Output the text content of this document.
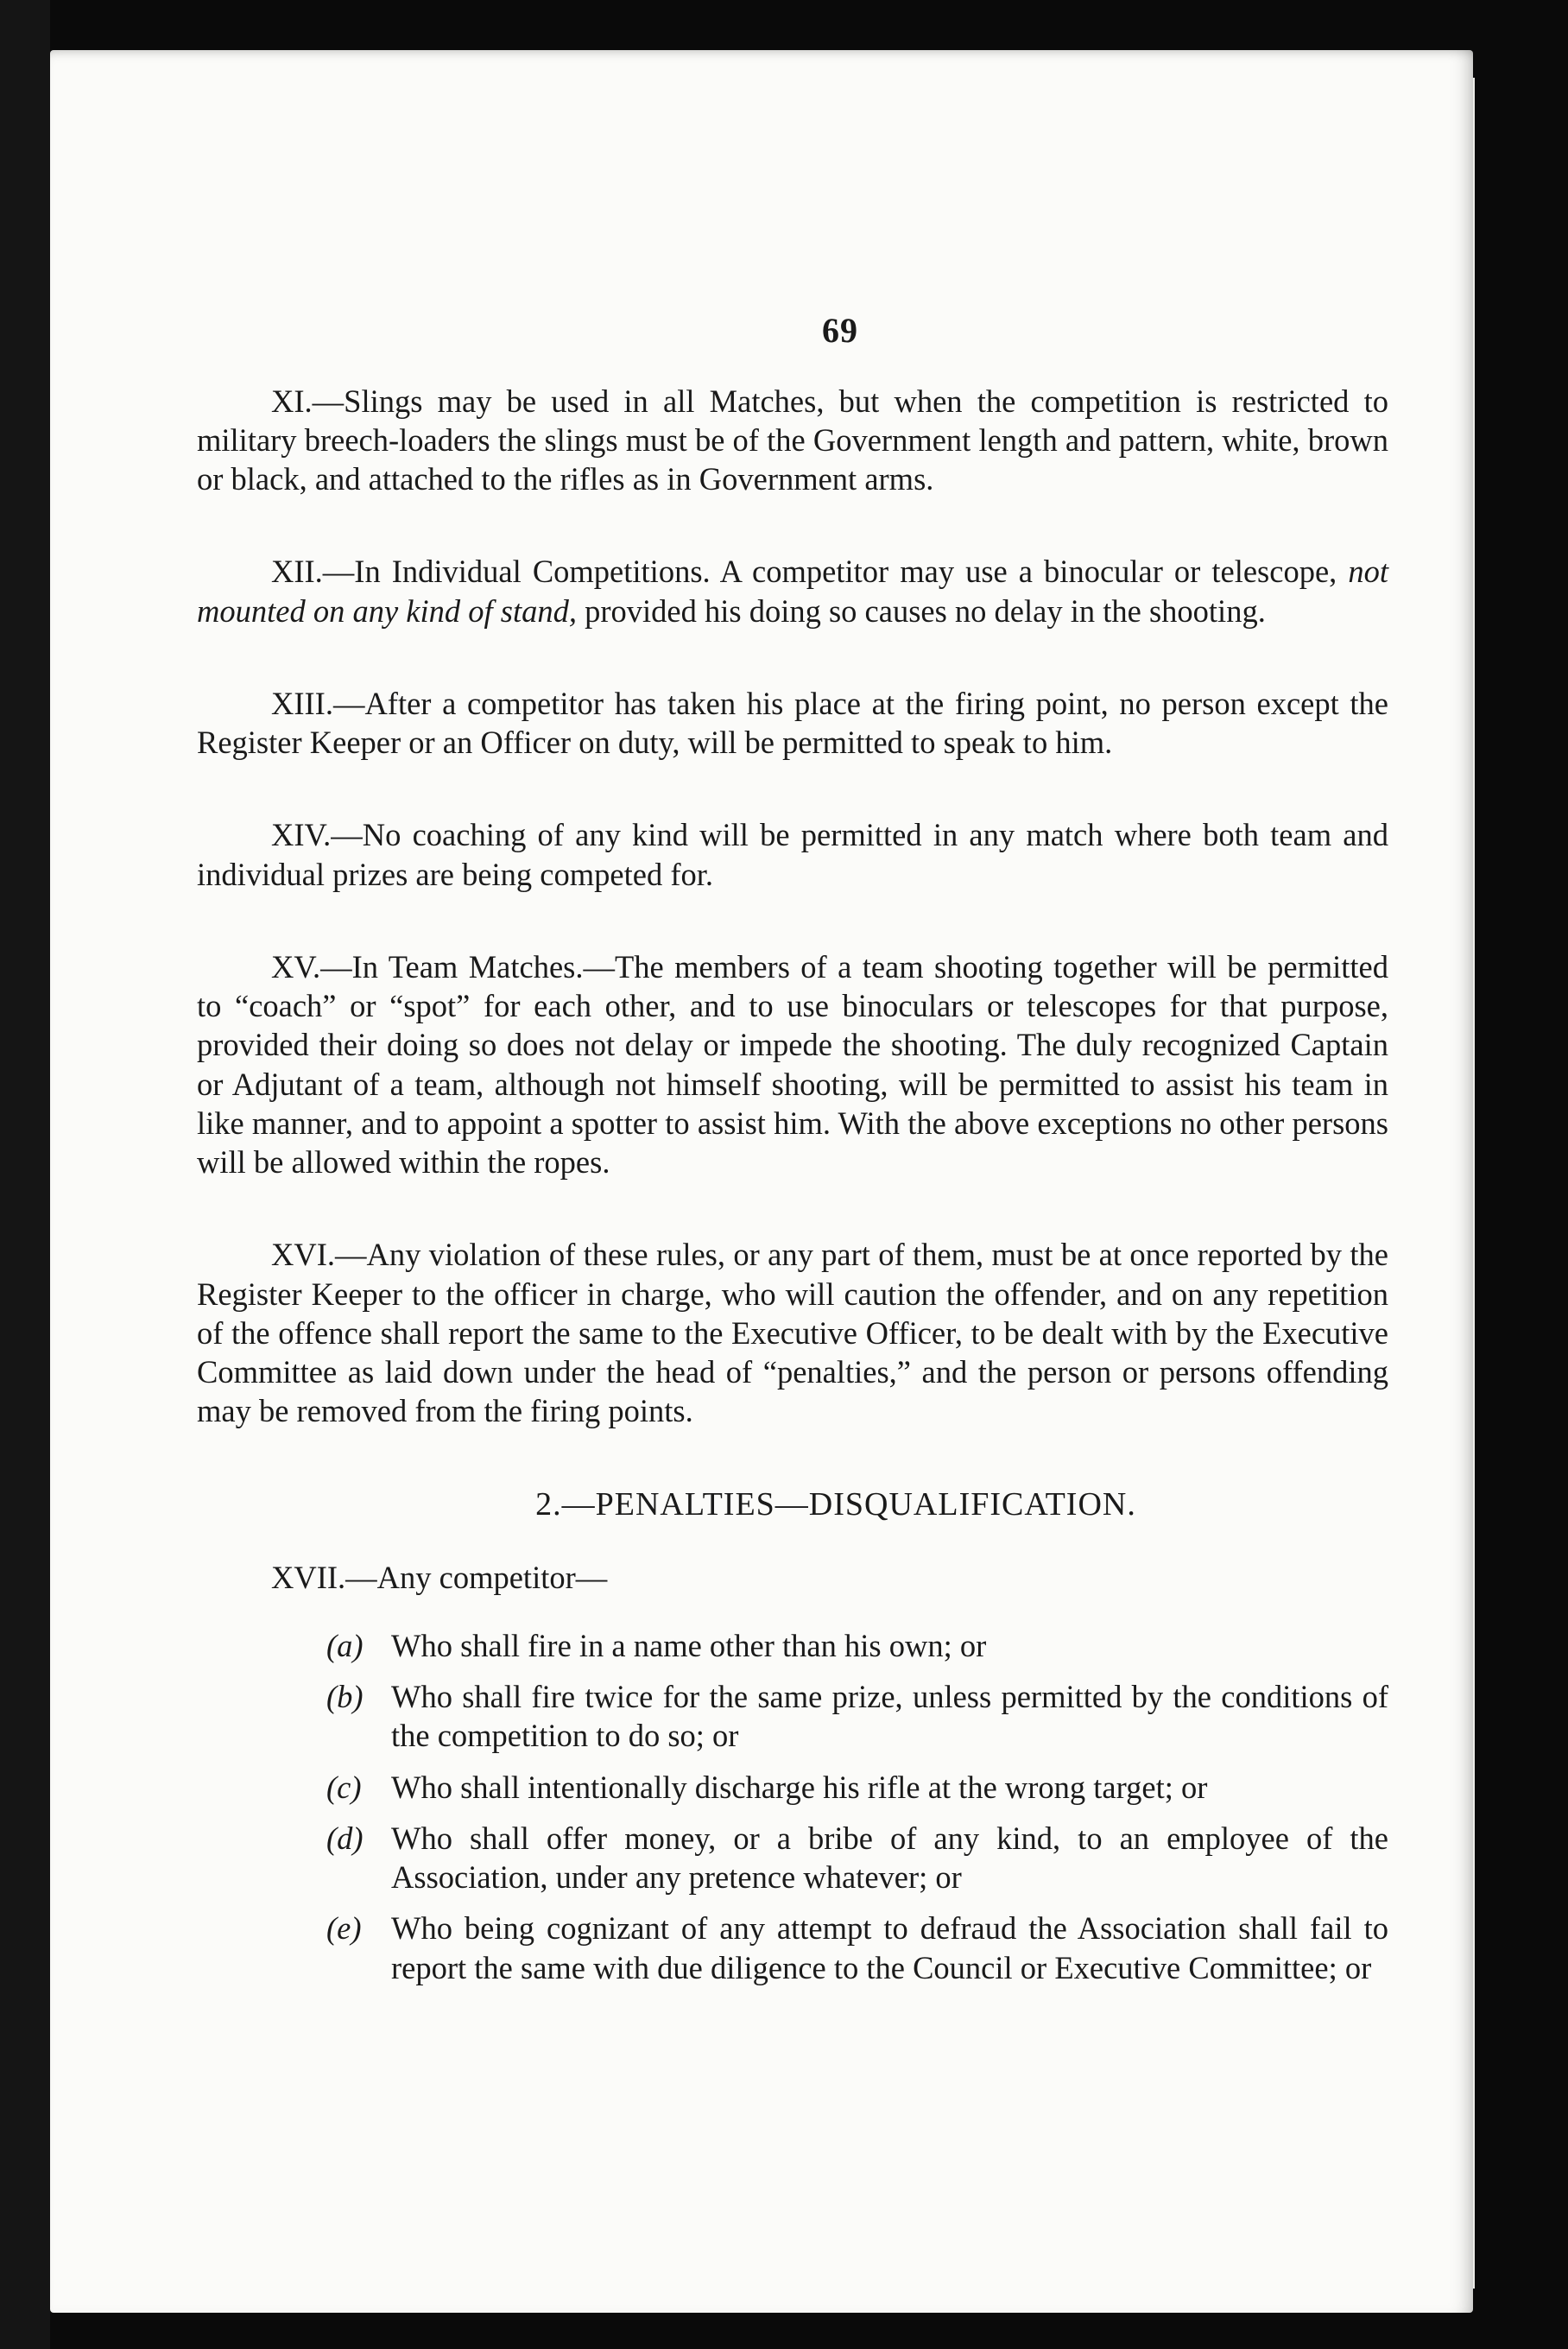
69

XI.—Slings may be used in all Matches, but when the competition is restricted to military breech-loaders the slings must be of the Government length and pattern, white, brown or black, and attached to the rifles as in Government arms.

XII.—In Individual Competitions. A competitor may use a binocular or telescope, not mounted on any kind of stand, provided his doing so causes no delay in the shooting.

XIII.—After a competitor has taken his place at the firing point, no person except the Register Keeper or an Officer on duty, will be permitted to speak to him.

XIV.—No coaching of any kind will be permitted in any match where both team and individual prizes are being competed for.

XV.—In Team Matches.—The members of a team shooting together will be permitted to “coach” or “spot” for each other, and to use binoculars or telescopes for that purpose, provided their doing so does not delay or impede the shooting. The duly recognized Captain or Adjutant of a team, although not himself shooting, will be permitted to assist his team in like manner, and to appoint a spotter to assist him. With the above exceptions no other persons will be allowed within the ropes.

XVI.—Any violation of these rules, or any part of them, must be at once reported by the Register Keeper to the officer in charge, who will caution the offender, and on any repetition of the offence shall report the same to the Executive Officer, to be dealt with by the Executive Committee as laid down under the head of “penalties,” and the person or persons offending may be removed from the firing points.

2.—PENALTIES—DISQUALIFICATION.

XVII.—Any competitor—

(a) Who shall fire in a name other than his own; or

(b) Who shall fire twice for the same prize, unless permitted by the conditions of the competition to do so; or

(c) Who shall intentionally discharge his rifle at the wrong target; or

(d) Who shall offer money, or a bribe of any kind, to an employee of the Association, under any pretence whatever; or

(e) Who being cognizant of any attempt to defraud the Association shall fail to report the same with due diligence to the Council or Executive Committee; or
